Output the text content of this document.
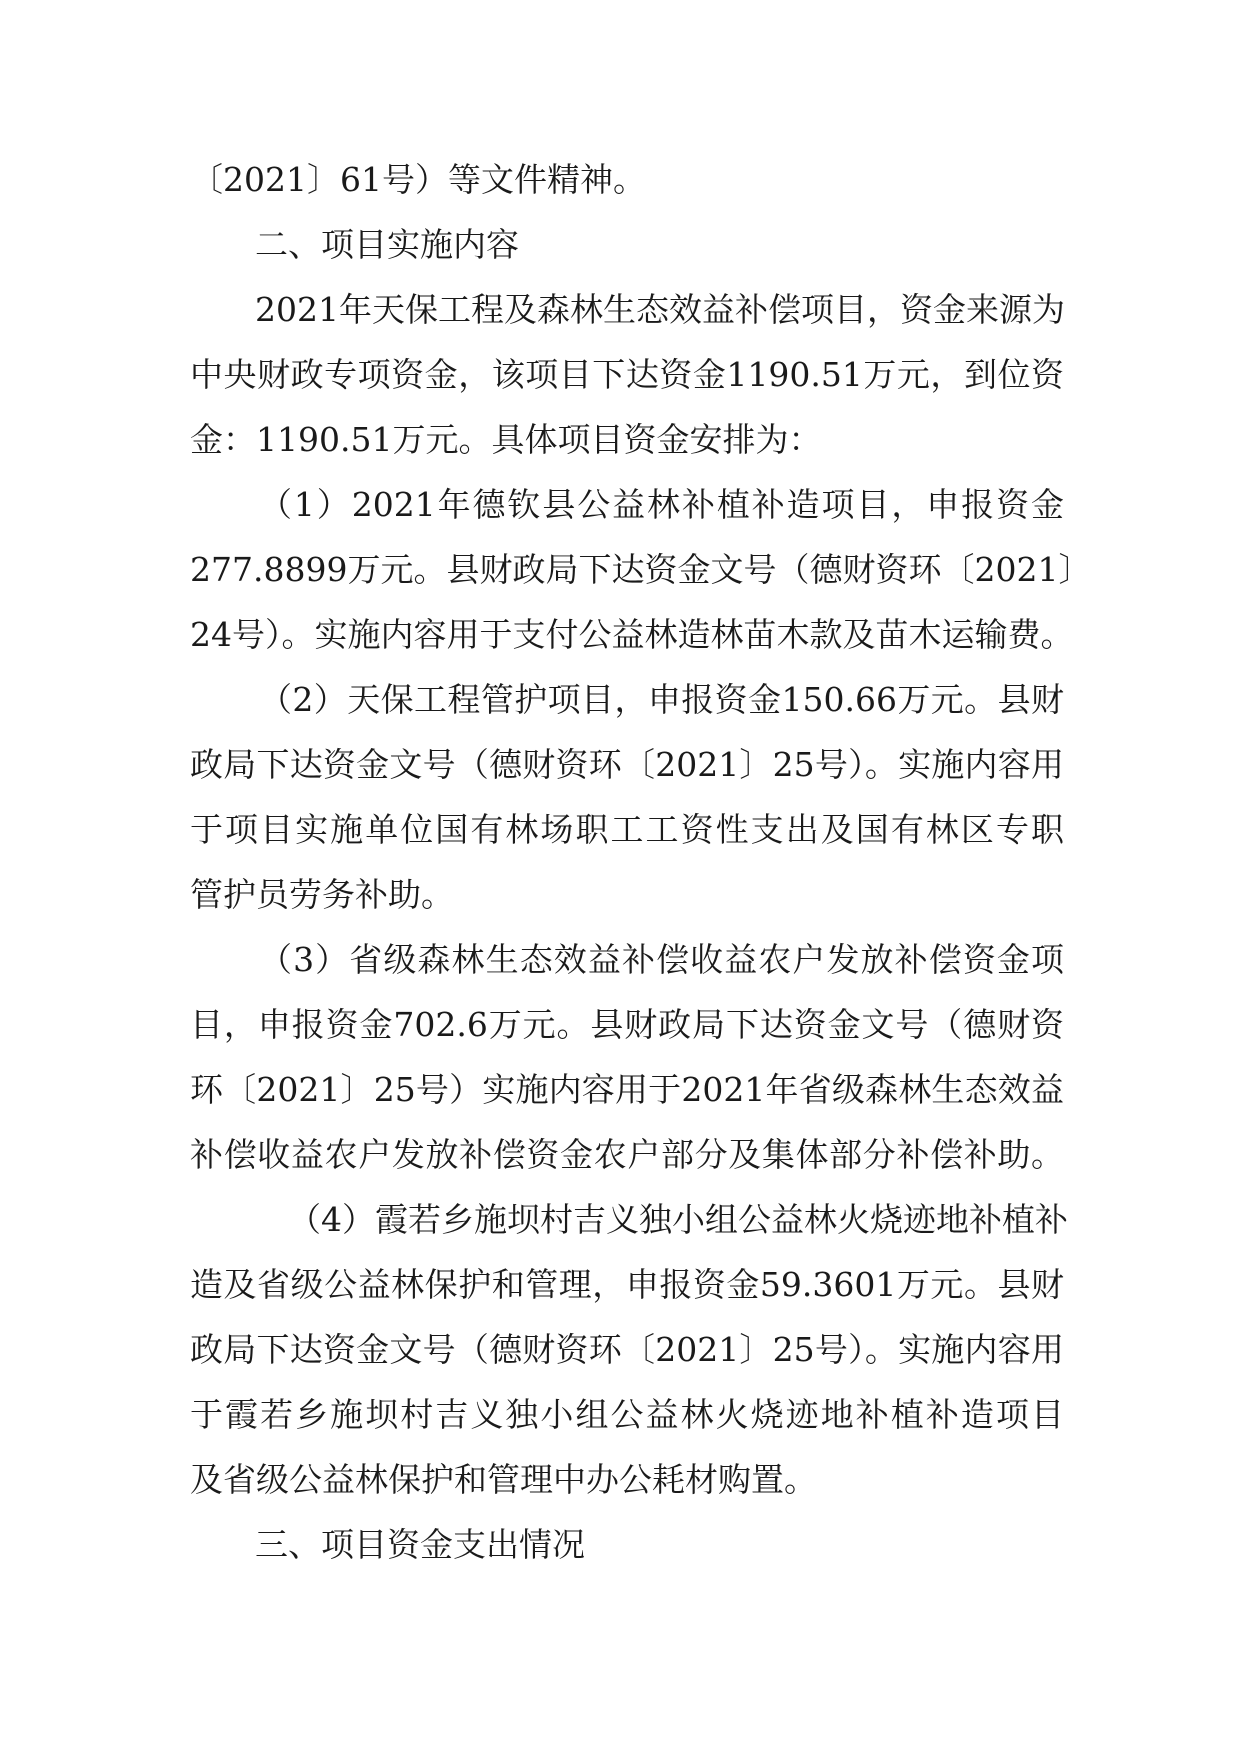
〔2021〕61号）等文件精神。
二、项目实施内容
2021年天保工程及森林生态效益补偿项目，资金来源为
中央财政专项资金，该项目下达资金1190.51万元，到位资
金：1190.51万元。具体项目资金安排为：
（1）2021年德钦县公益林补植补造项目，申报资金
277.8899万元。县财政局下达资金文号（德财资环〔2021〕
24号）。实施内容用于支付公益林造林苗木款及苗木运输费。
（2）天保工程管护项目，申报资金150.66万元。县财
政局下达资金文号（德财资环〔2021〕25号）。实施内容用
于项目实施单位国有林场职工工资性支出及国有林区专职
管护员劳务补助。
（3）省级森林生态效益补偿收益农户发放补偿资金项
目，申报资金702.6万元。县财政局下达资金文号（德财资
环〔2021〕25号）实施内容用于2021年省级森林生态效益
补偿收益农户发放补偿资金农户部分及集体部分补偿补助。
（4）霞若乡施坝村吉义独小组公益林火烧迹地补植补
造及省级公益林保护和管理，申报资金59.3601万元。县财
政局下达资金文号（德财资环〔2021〕25号）。实施内容用
于霞若乡施坝村吉义独小组公益林火烧迹地补植补造项目
及省级公益林保护和管理中办公耗材购置。
三、项目资金支出情况
